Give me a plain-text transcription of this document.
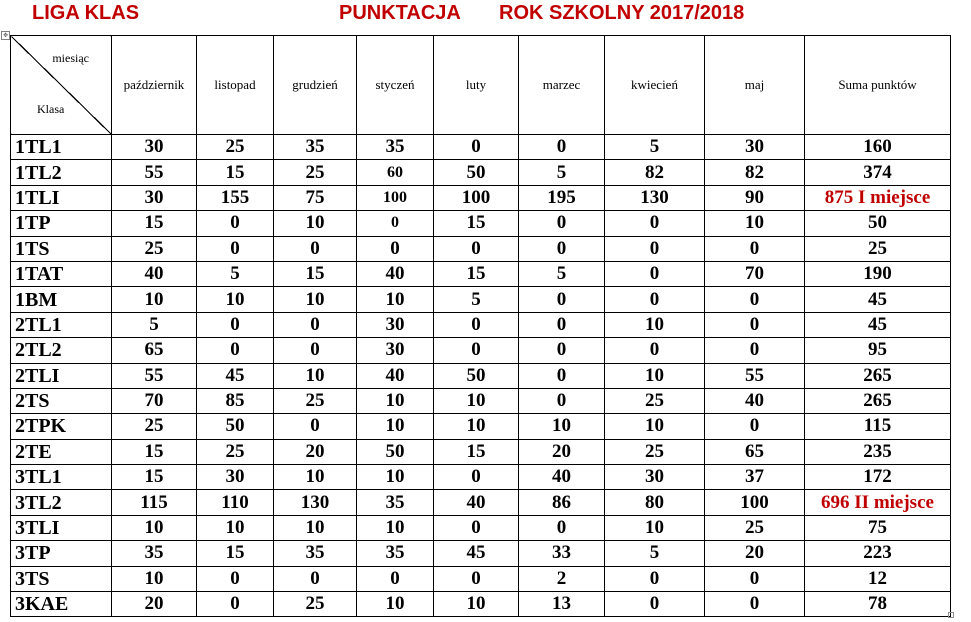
LIGA KLAS	PUNKTACJA ROK SZKOLNY 2017/2018
✥
miesiąc
Klasa	październik	listopad	grudzień	styczeń	luty	marzec	kwiecień	maj	Suma punktów
1TL1	30	25	35	35	0	0	5	30	160
1TL2	55	15	25	60	50	5	82	82	374
1TLI	30	155	75	100	100	195	130	90	875 I miejsce
1TP	15	0	10	0	15	0	0	10	50
1TS	25	0	0	0	0	0	0	0	25
1TAT	40	5	15	40	15	5	0	70	190
1BM	10	10	10	10	5	0	0	0	45
2TL1	5	0	0	30	0	0	10	0	45
2TL2	65	0	0	30	0	0	0	0	95
2TLI	55	45	10	40	50	0	10	55	265
2TS	70	85	25	10	10	0	25	40	265
2TPK	25	50	0	10	10	10	10	0	115
2TE	15	25	20	50	15	20	25	65	235
3TL1	15	30	10	10	0	40	30	37	172
3TL2	115	110	130	35	40	86	80	100	696 II miejsce
3TLI	10	10	10	10	0	0	10	25	75
3TP	35	15	35	35	45	33	5	20	223
3TS	10	0	0	0	0	2	0	0	12
3KAE	20	0	25	10	10	13	0	0	78
